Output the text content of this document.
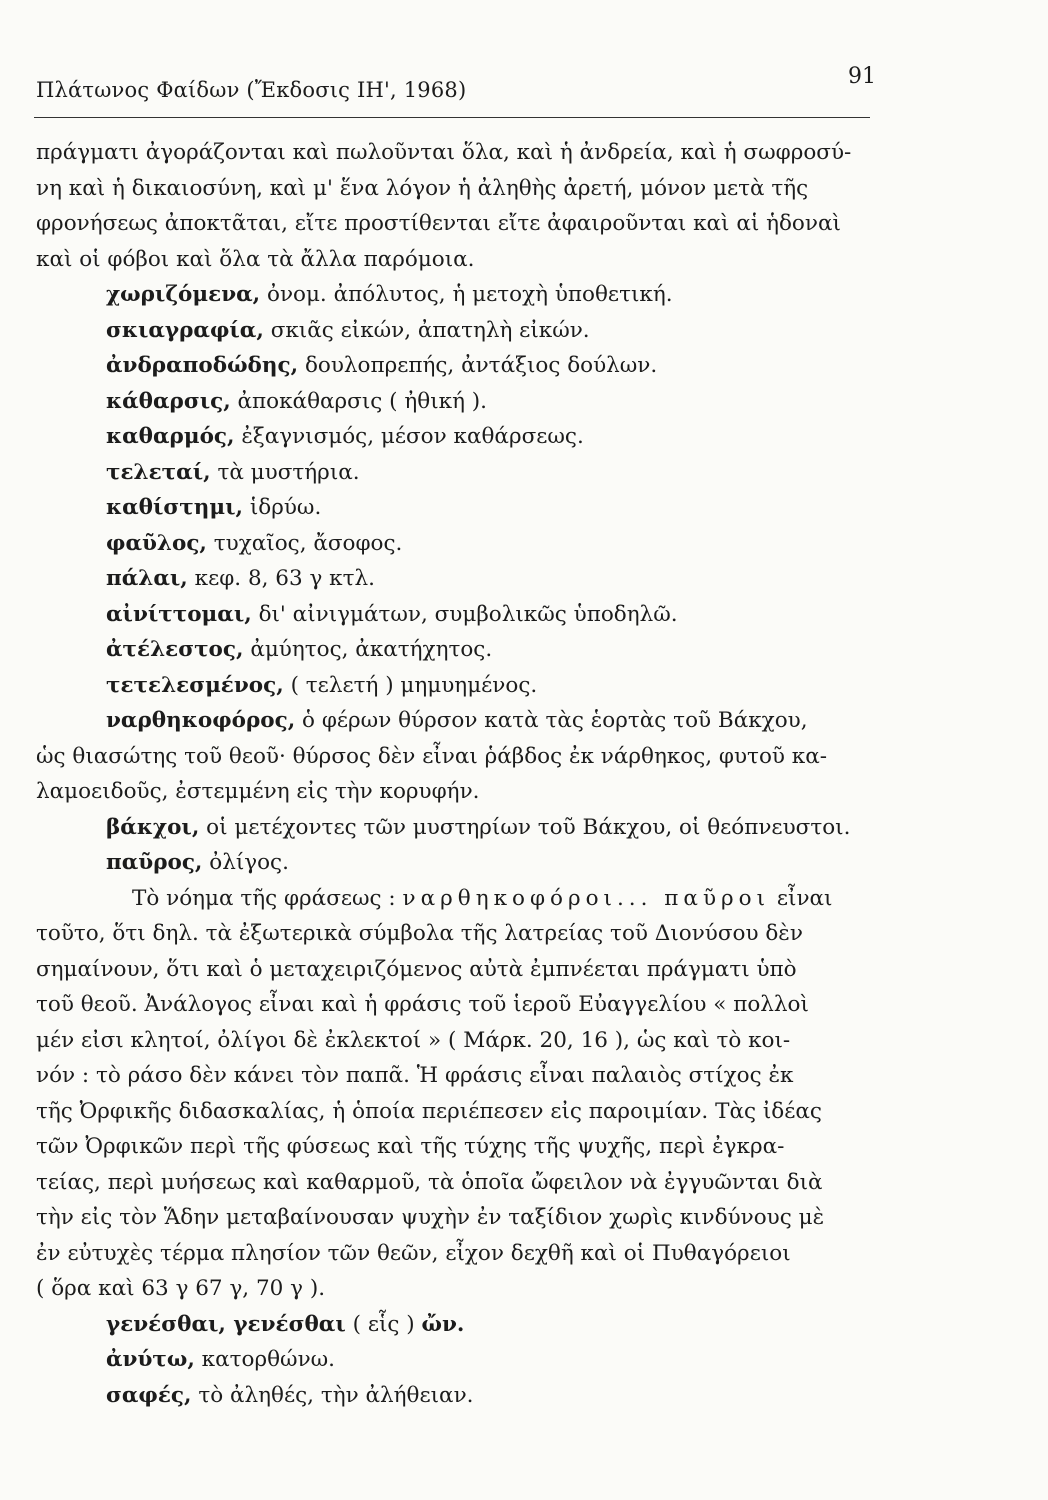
Πλάτωνος Φαίδων (Ἔκδοσις ΙΗ', 1968)
91
πράγματι ἀγοράζονται καὶ πωλοῦνται ὅλα, καὶ ἡ ἀνδρεία, καὶ ἡ σωφροσύ-
νη καὶ ἡ δικαιοσύνη, καὶ μ' ἕνα λόγον ἡ ἀληθὴς ἀρετή, μόνον μετὰ τῆς
φρονήσεως ἀποκτᾶται, εἴτε προστίθενται εἴτε ἀφαιροῦνται καὶ αἱ ἡδοναὶ
καὶ οἱ φόβοι καὶ ὅλα τὰ ἄλλα παρόμοια.
χωριζόμενα, ὀνομ. ἀπόλυτος, ἡ μετοχὴ ὑποθετική.
σκιαγραφία, σκιᾶς εἰκών, ἀπατηλὴ εἰκών.
ἀνδραποδώδης, δουλοπρεπής, ἀντάξιος δούλων.
κάθαρσις, ἀποκάθαρσις ( ἠθική ).
καθαρμός, ἐξαγνισμός, μέσον καθάρσεως.
τελεταί, τὰ μυστήρια.
καθίστημι, ἱδρύω.
φαῦλος, τυχαῖος, ἄσοφος.
πάλαι, κεφ. 8, 63 γ κτλ.
αἰνίττομαι, δι' αἰνιγμάτων, συμβολικῶς ὑποδηλῶ.
ἀτέλεστος, ἀμύητος, ἀκατήχητος.
τετελεσμένος, ( τελετή ) μημυημένος.
ναρθηκοφόρος, ὁ φέρων θύρσον κατὰ τὰς ἑορτὰς τοῦ Βάκχου,
ὡς θιασώτης τοῦ θεοῦ· θύρσος δὲν εἶναι ῥάβδος ἐκ νάρθηκος, φυτοῦ κα-
λαμοειδοῦς, ἐστεμμένη εἰς τὴν κορυφήν.
βάκχοι, οἱ μετέχοντες τῶν μυστηρίων τοῦ Βάκχου, οἱ θεόπνευστοι.
παῦρος, ὀλίγος.
Τὸ νόημα τῆς φράσεως : ναρθηκοφόροι... παῦροι εἶναι
τοῦτο, ὅτι δηλ. τὰ ἐξωτερικὰ σύμβολα τῆς λατρείας τοῦ Διονύσου δὲν
σημαίνουν, ὅτι καὶ ὁ μεταχειριζόμενος αὐτὰ ἐμπνέεται πράγματι ὑπὸ
τοῦ θεοῦ. Ἀνάλογος εἶναι καὶ ἡ φράσις τοῦ ἱεροῦ Εὐαγγελίου « πολλοὶ
μέν εἰσι κλητοί, ὀλίγοι δὲ ἐκλεκτοί » ( Μάρκ. 20, 16 ), ὡς καὶ τὸ κοι-
νόν : τὸ ράσο δὲν κάνει τὸν παπᾶ. Ἡ φράσις εἶναι παλαιὸς στίχος ἐκ
τῆς Ὀρφικῆς διδασκαλίας, ἡ ὁποία περιέπεσεν εἰς παροιμίαν. Τὰς ἰδέας
τῶν Ὀρφικῶν περὶ τῆς φύσεως καὶ τῆς τύχης τῆς ψυχῆς, περὶ ἐγκρα-
τείας, περὶ μυήσεως καὶ καθαρμοῦ, τὰ ὁποῖα ὤφειλον νὰ ἐγγυῶνται διὰ
τὴν εἰς τὸν Ἅδην μεταβαίνουσαν ψυχὴν ἐν ταξίδιον χωρὶς κινδύνους μὲ
ἐν εὐτυχὲς τέρμα πλησίον τῶν θεῶν, εἶχον δεχθῆ καὶ οἱ Πυθαγόρειοι
( ὅρα καὶ 63 γ 67 γ, 70 γ ).
γενέσθαι, γενέσθαι ( εἷς ) ὤν.
ἀνύτω, κατορθώνω.
σαφές, τὸ ἀληθές, τὴν ἀλήθειαν.
